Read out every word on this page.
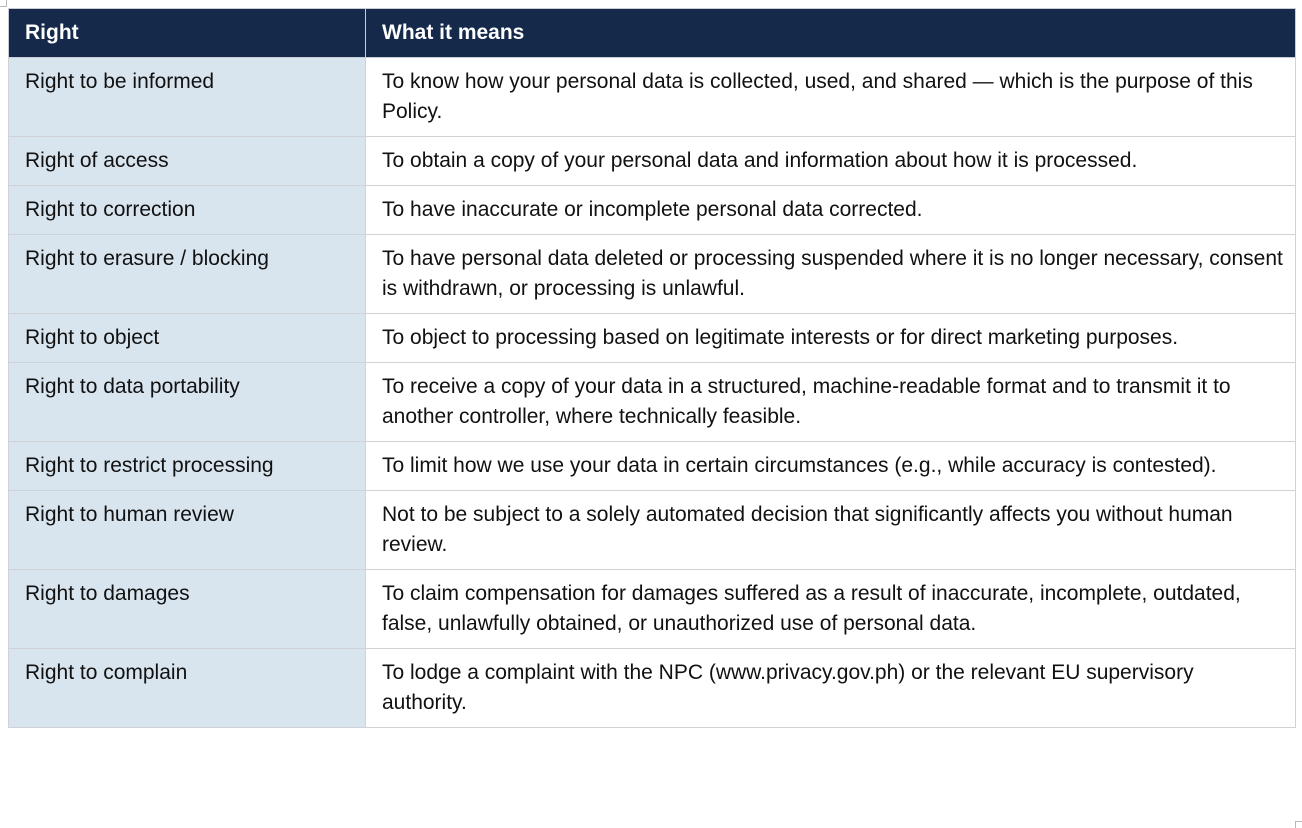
Right	What it means
Right to be informed	To know how your personal data is collected, used, and shared — which is the purpose of this Policy.
Right of access	To obtain a copy of your personal data and information about how it is processed.
Right to correction	To have inaccurate or incomplete personal data corrected.
Right to erasure / blocking	To have personal data deleted or processing suspended where it is no longer necessary, consent is withdrawn, or processing is unlawful.
Right to object	To object to processing based on legitimate interests or for direct marketing purposes.
Right to data portability	To receive a copy of your data in a structured, machine-readable format and to transmit it to another controller, where technically feasible.
Right to restrict processing	To limit how we use your data in certain circumstances (e.g., while accuracy is contested).
Right to human review	Not to be subject to a solely automated decision that significantly affects you without human review.
Right to damages	To claim compensation for damages suffered as a result of inaccurate, incomplete, outdated, false, unlawfully obtained, or unauthorized use of personal data.
Right to complain	To lodge a complaint with the NPC (www.privacy.gov.ph) or the relevant EU supervisory authority.
